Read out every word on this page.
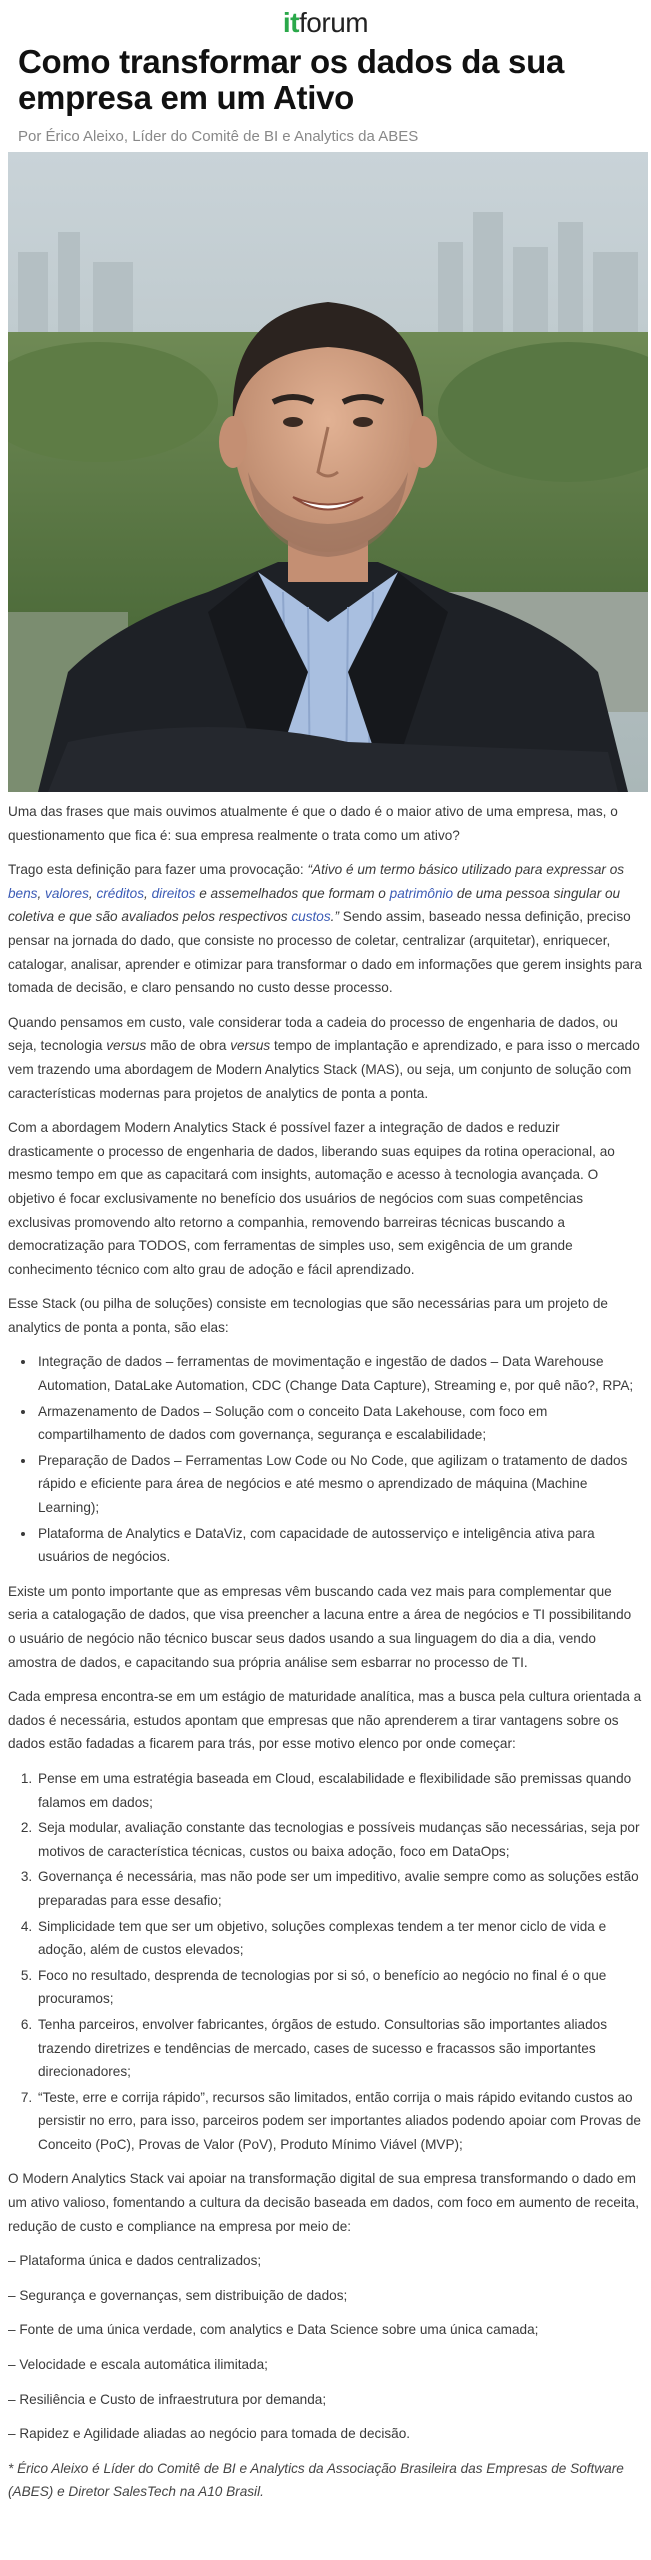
itforum
Como transformar os dados da sua empresa em um Ativo
Por Érico Aleixo, Líder do Comitê de BI e Analytics da ABES

Uma das frases que mais ouvimos atualmente é que o dado é o maior ativo de uma empresa, mas, o questionamento que fica é: sua empresa realmente o trata como um ativo?

Trago esta definição para fazer uma provocação: “Ativo é um termo básico utilizado para expressar os bens, valores, créditos, direitos e assemelhados que formam o patrimônio de uma pessoa singular ou coletiva e que são avaliados pelos respectivos custos.” Sendo assim, baseado nessa definição, preciso pensar na jornada do dado, que consiste no processo de coletar, centralizar (arquitetar), enriquecer, catalogar, analisar, aprender e otimizar para transformar o dado em informações que gerem insights para tomada de decisão, e claro pensando no custo desse processo.

Quando pensamos em custo, vale considerar toda a cadeia do processo de engenharia de dados, ou seja, tecnologia versus mão de obra versus tempo de implantação e aprendizado, e para isso o mercado vem trazendo uma abordagem de Modern Analytics Stack (MAS), ou seja, um conjunto de solução com características modernas para projetos de analytics de ponta a ponta.

Com a abordagem Modern Analytics Stack é possível fazer a integração de dados e reduzir drasticamente o processo de engenharia de dados, liberando suas equipes da rotina operacional, ao mesmo tempo em que as capacitará com insights, automação e acesso à tecnologia avançada. O objetivo é focar exclusivamente no benefício dos usuários de negócios com suas competências exclusivas promovendo alto retorno a companhia, removendo barreiras técnicas buscando a democratização para TODOS, com ferramentas de simples uso, sem exigência de um grande conhecimento técnico com alto grau de adoção e fácil aprendizado.

Esse Stack (ou pilha de soluções) consiste em tecnologias que são necessárias para um projeto de analytics de ponta a ponta, são elas:

• Integração de dados – ferramentas de movimentação e ingestão de dados – Data Warehouse Automation, DataLake Automation, CDC (Change Data Capture), Streaming e, por quê não?, RPA;
• Armazenamento de Dados – Solução com o conceito Data Lakehouse, com foco em compartilhamento de dados com governança, segurança e escalabilidade;
• Preparação de Dados – Ferramentas Low Code ou No Code, que agilizam o tratamento de dados rápido e eficiente para área de negócios e até mesmo o aprendizado de máquina (Machine Learning);
• Plataforma de Analytics e DataViz, com capacidade de autosserviço e inteligência ativa para usuários de negócios.

Existe um ponto importante que as empresas vêm buscando cada vez mais para complementar que seria a catalogação de dados, que visa preencher a lacuna entre a área de negócios e TI possibilitando o usuário de negócio não técnico buscar seus dados usando a sua linguagem do dia a dia, vendo amostra de dados, e capacitando sua própria análise sem esbarrar no processo de TI.

Cada empresa encontra-se em um estágio de maturidade analítica, mas a busca pela cultura orientada a dados é necessária, estudos apontam que empresas que não aprenderem a tirar vantagens sobre os dados estão fadadas a ficarem para trás, por esse motivo elenco por onde começar:

1. Pense em uma estratégia baseada em Cloud, escalabilidade e flexibilidade são premissas quando falamos em dados;
2. Seja modular, avaliação constante das tecnologias e possíveis mudanças são necessárias, seja por motivos de característica técnicas, custos ou baixa adoção, foco em DataOps;
3. Governança é necessária, mas não pode ser um impeditivo, avalie sempre como as soluções estão preparadas para esse desafio;
4. Simplicidade tem que ser um objetivo, soluções complexas tendem a ter menor ciclo de vida e adoção, além de custos elevados;
5. Foco no resultado, desprenda de tecnologias por si só, o benefício ao negócio no final é o que procuramos;
6. Tenha parceiros, envolver fabricantes, órgãos de estudo. Consultorias são importantes aliados trazendo diretrizes e tendências de mercado, cases de sucesso e fracassos são importantes direcionadores;
7. “Teste, erre e corrija rápido”, recursos são limitados, então corrija o mais rápido evitando custos ao persistir no erro, para isso, parceiros podem ser importantes aliados podendo apoiar com Provas de Conceito (PoC), Provas de Valor (PoV), Produto Mínimo Viável (MVP);

O Modern Analytics Stack vai apoiar na transformação digital de sua empresa transformando o dado em um ativo valioso, fomentando a cultura da decisão baseada em dados, com foco em aumento de receita, redução de custo e compliance na empresa por meio de:

– Plataforma única e dados centralizados;

– Segurança e governanças, sem distribuição de dados;

– Fonte de uma única verdade, com analytics e Data Science sobre uma única camada;

– Velocidade e escala automática ilimitada;

– Resiliência e Custo de infraestrutura por demanda;

– Rapidez e Agilidade aliadas ao negócio para tomada de decisão.

* Érico Aleixo é Líder do Comitê de BI e Analytics da Associação Brasileira das Empresas de Software (ABES) e Diretor SalesTech na A10 Brasil.
